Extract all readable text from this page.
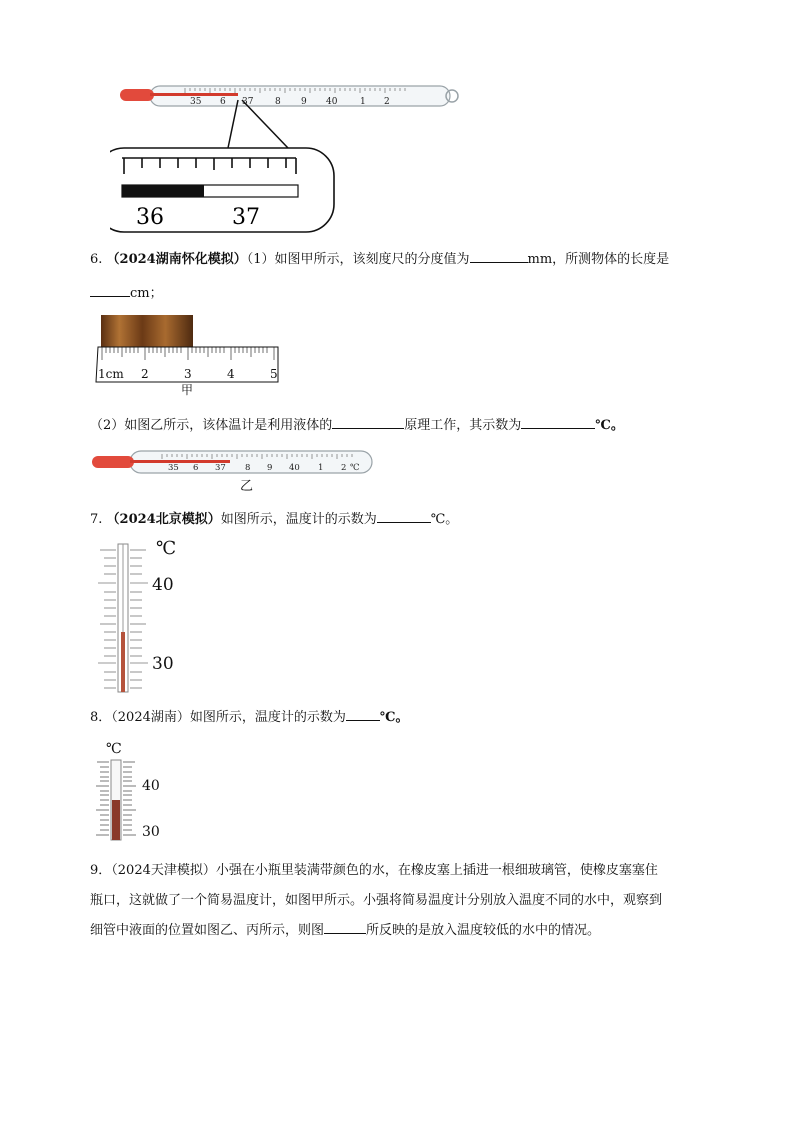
35 6 37 8 9 40	1 2
36	37
6. （2024湖南怀化模拟）（1）如图甲所示，该刻度尺的分度值为	mm，所测物体的长度是
cm；
1cm 2	3	4	5
甲
（2）如图乙所示，该体温计是利用液体的	原理工作，其示数为	℃。
35 6 37 8 9 40 1 2 ℃
乙
7. （2024北京模拟）如图所示，温度计的示数为	℃。
℃
40
30
8．（2024湖南）如图所示，温度计的示数为	℃。
℃
40
30
9．（2024天津模拟）小强在小瓶里装满带颜色的水，在橡皮塞上插进一根细玻璃管，使橡皮塞塞住
瓶口，这就做了一个简易温度计，如图甲所示。小强将简易温度计分别放入温度不同的水中，观察到
细管中液面的位置如图乙、丙所示，则图	所反映的是放入温度较低的水中的情况。
